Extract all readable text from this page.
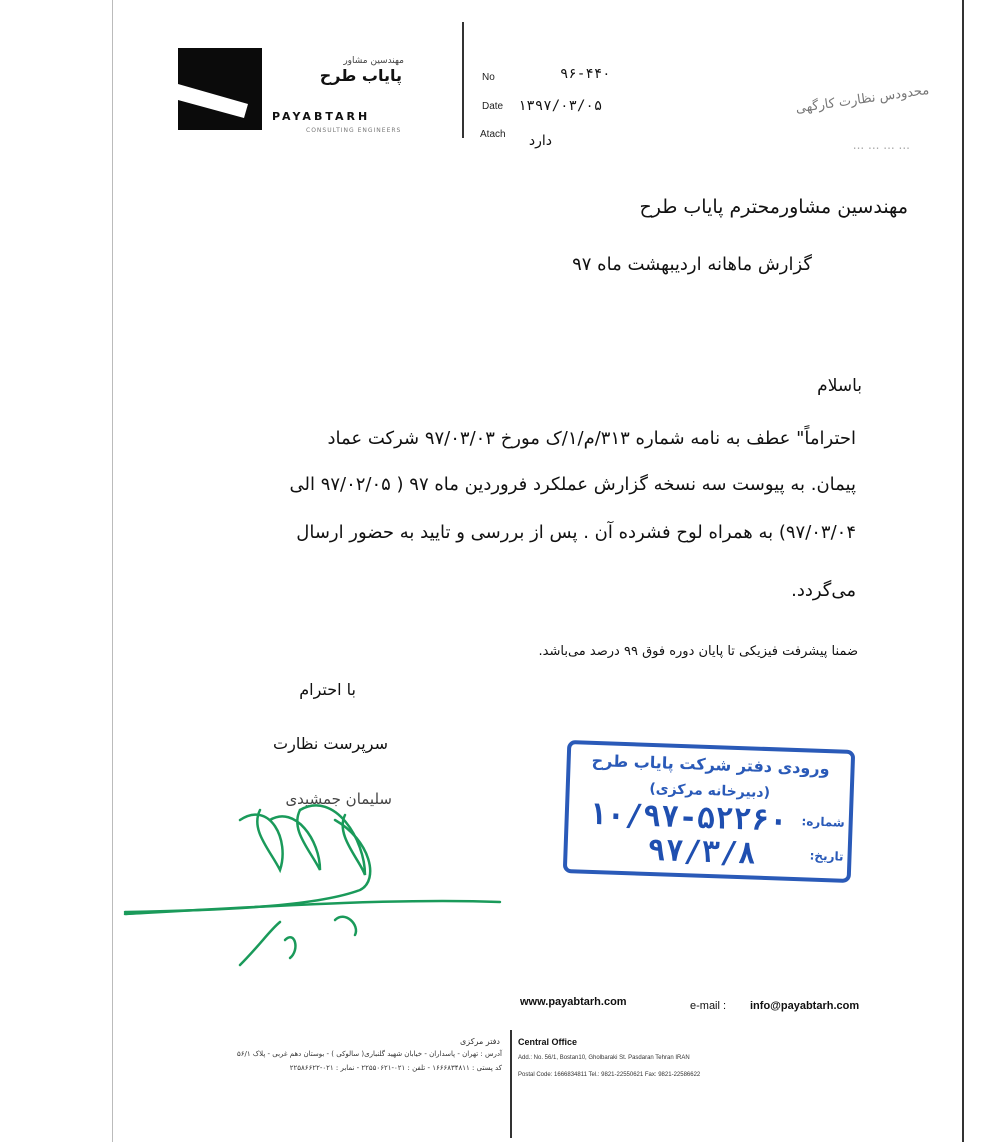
مهندسین مشاور
پایاب طرح
PAYABTARH
CONSULTING ENGINEERS
No	۹۶-۴۴۰
Date ۱۳۹۷/۰۳/۰۵
Atach	دارد
محدودس نظارت کارگهی
... ... ... ...
مهندسین مشاورمحترم پایاب طرح
گزارش ماهانه اردیبهشت ماه ۹۷
باسلام
احتراماً" عطف به نامه شماره ۳۱۳/م/۱/ک مورخ ۹۷/۰۳/۰۳ شرکت عماد
پیمان. به پیوست سه نسخه گزارش عملکرد فروردین ماه ۹۷ ( ۹۷/۰۲/۰۵ الی
۹۷/۰۳/۰۴) به همراه لوح فشرده آن . پس از بررسی و تایید به حضور ارسال
می‌گردد.
ضمنا پیشرفت فیزیکی تا پایان دوره فوق ۹۹ درصد می‌باشد.
با احترام
سرپرست نظارت
سلیمان جمشیدی
ورودی دفتر شرکت پایاب طرح
(دبیرخانه مرکزی)
شماره:
۱۰/۹۷-۵۲۲۶۰
تاریخ:
۹۷/۳/۸
www.payabtarh.com	e-mail : info@payabtarh.com
دفتر مرکزی
آدرس : تهران - پاسداران - خیابان شهید گلنباری( سالوکی ) - بوستان دهم غربی - پلاک ۵۶/۱
کد پستی : ۱۶۶۶۸۳۴۸۱۱ - تلفن : ۰۲۱-۲۲۵۵۰۶۲۱ - نمابر : ۰۲۱-۲۲۵۸۶۶۲۲
Central Office
Add.: No. 56/1, Bostan10, Gholbaraki St. Pasdaran Tehran IRAN
Postal Code: 1666834811 Tel.: 9821-22550621 Fax: 9821-22586622
